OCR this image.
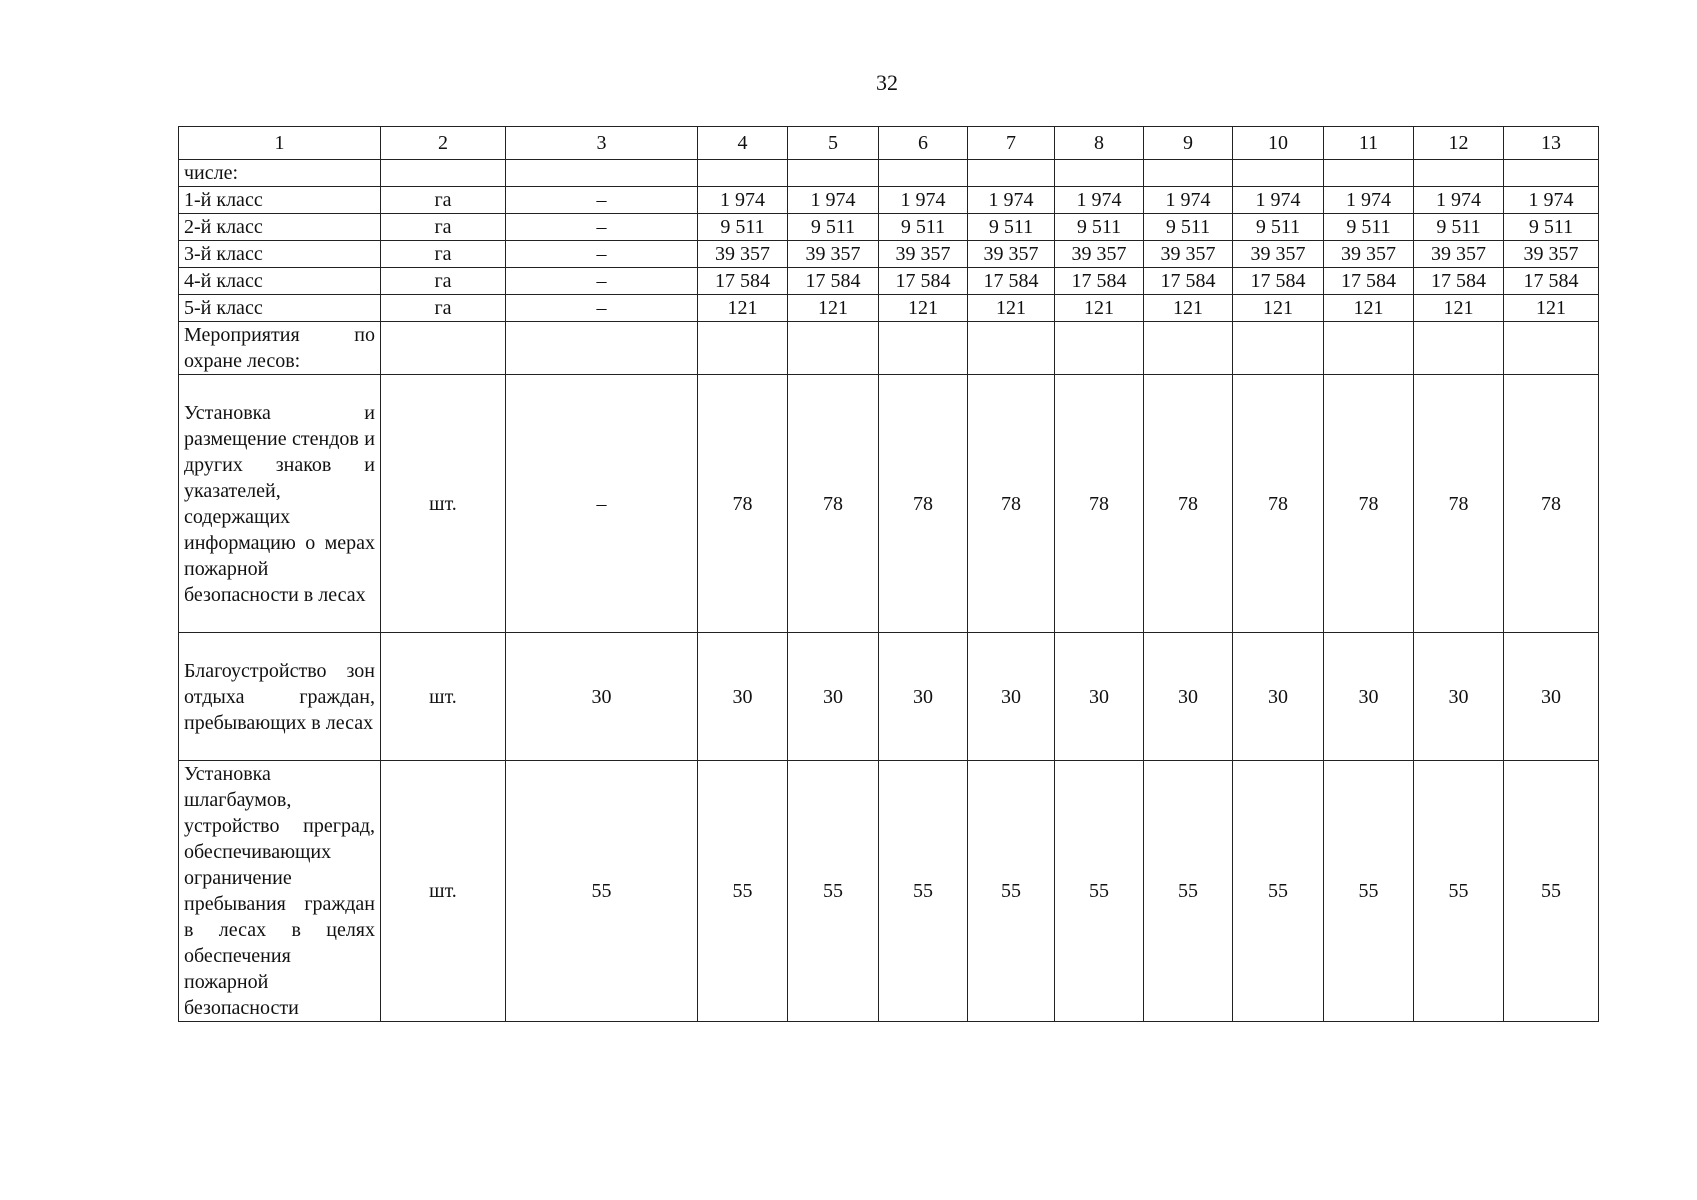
32
1	2	3	4	5	6	7	8	9	10	11	12	13
числе:												
1-й класс	га	–	1 974	1 974	1 974	1 974	1 974	1 974	1 974	1 974	1 974	1 974
2-й класс	га	–	9 511	9 511	9 511	9 511	9 511	9 511	9 511	9 511	9 511	9 511
3-й класс	га	–	39 357	39 357	39 357	39 357	39 357	39 357	39 357	39 357	39 357	39 357
4-й класс	га	–	17 584	17 584	17 584	17 584	17 584	17 584	17 584	17 584	17 584	17 584
5-й класс	га	–	121	121	121	121	121	121	121	121	121	121
Мероприятия по охране лесов:												
Установка и размещение стендов и других знаков и указателей, содержащих информацию о мерах пожарной безопасности в лесах	шт.	–	78	78	78	78	78	78	78	78	78	78
Благоустройство зон отдыха граждан, пребывающих в лесах	шт.	30	30	30	30	30	30	30	30	30	30	30
Установка шлагбаумов, устройство преград, обеспечивающих ограничение пребывания граждан в лесах в целях обеспечения пожарной безопасности	шт.	55	55	55	55	55	55	55	55	55	55	55
